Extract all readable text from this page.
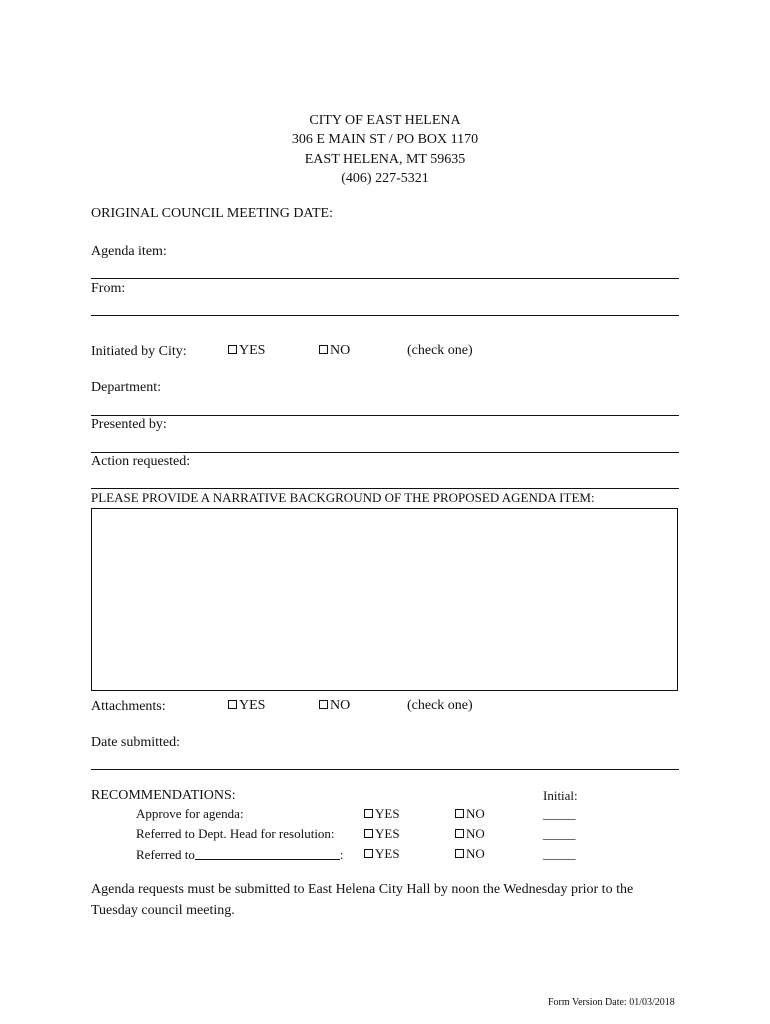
CITY OF EAST HELENA
306 E MAIN ST / PO BOX 1170
EAST HELENA, MT 59635
(406) 227-5321
ORIGINAL COUNCIL MEETING DATE:
Agenda item:
From:
Initiated by City:	YES	NO	(check one)
Department:
Presented by:
Action requested:
PLEASE PROVIDE A NARRATIVE BACKGROUND OF THE PROPOSED AGENDA ITEM:
Attachments:	YES	NO	(check one)
Date submitted:
RECOMMENDATIONS:	Initial:
Approve for agenda:	YES	NO	_____
Referred to Dept. Head for resolution:	YES	NO	_____
Referred to	:	YES	NO	_____
Agenda requests must be submitted to East Helena City Hall by noon the Wednesday prior to the
Tuesday council meeting.
Form Version Date: 01/03/2018
